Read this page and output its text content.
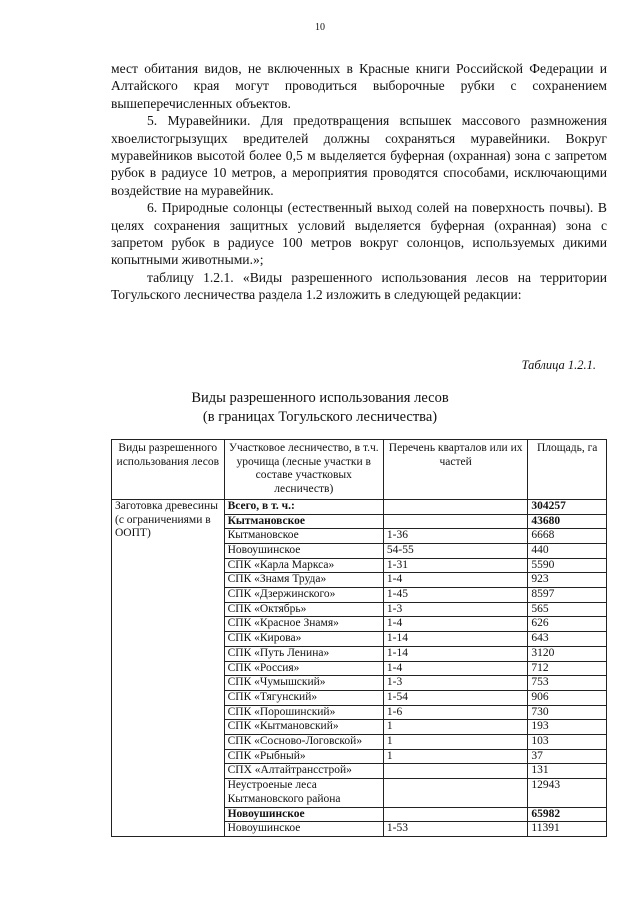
10

мест обитания видов, не включенных в Красные книги Российской Федерации и Алтайского края могут проводиться выборочные рубки с сохранением вышеперечисленных объектов.

5. Муравейники. Для предотвращения вспышек массового размножения хвоелистогрызущих вредителей должны сохраняться муравейники. Вокруг муравейников высотой более 0,5 м выделяется буферная (охранная) зона с запретом рубок в радиусе 10 метров, а мероприятия проводятся способами, исключающими воздействие на муравейник.

6. Природные солонцы (естественный выход солей на поверхность почвы). В целях сохранения защитных условий выделяется буферная (охранная) зона с запретом рубок в радиусе 100 метров вокруг солонцов, используемых дикими копытными животными.»;

таблицу 1.2.1. «Виды разрешенного использования лесов на территории Тогульского лесничества раздела 1.2 изложить в следующей редакции:

Таблица 1.2.1.
Виды разрешенного использования лесов
(в границах Тогульского лесничества)
Виды разрешенного использования лесов	Участковое лесничество, в т.ч. урочища (лесные участки в составе участковых лесничеств)	Перечень кварталов или их частей	Площадь, га
Заготовка древесины (с ограничениями в ООПТ)	Всего, в т. ч.:		304257
	Кытмановское		43680
	Кытмановское	1-36	6668
	Новоушинское	54-55	440
	СПК «Карла Маркса»	1-31	5590
	СПК «Знамя Труда»	1-4	923
	СПК «Дзержинского»	1-45	8597
	СПК «Октябрь»	1-3	565
	СПК «Красное Знамя»	1-4	626
	СПК «Кирова»	1-14	643
	СПК «Путь Ленина»	1-14	3120
	СПК «Россия»	1-4	712
	СПК «Чумышский»	1-3	753
	СПК «Тягунский»	1-54	906
	СПК «Порошинский»	1-6	730
	СПК «Кытмановский»	1	193
	СПК «Сосново-Логовской»	1	103
	СПК «Рыбный»	1	37
	СПХ «Алтайтрансстрой»		131
	Неустроеные леса Кытмановского района		12943
	Новоушинское		65982
	Новоушинское	1-53	11391
